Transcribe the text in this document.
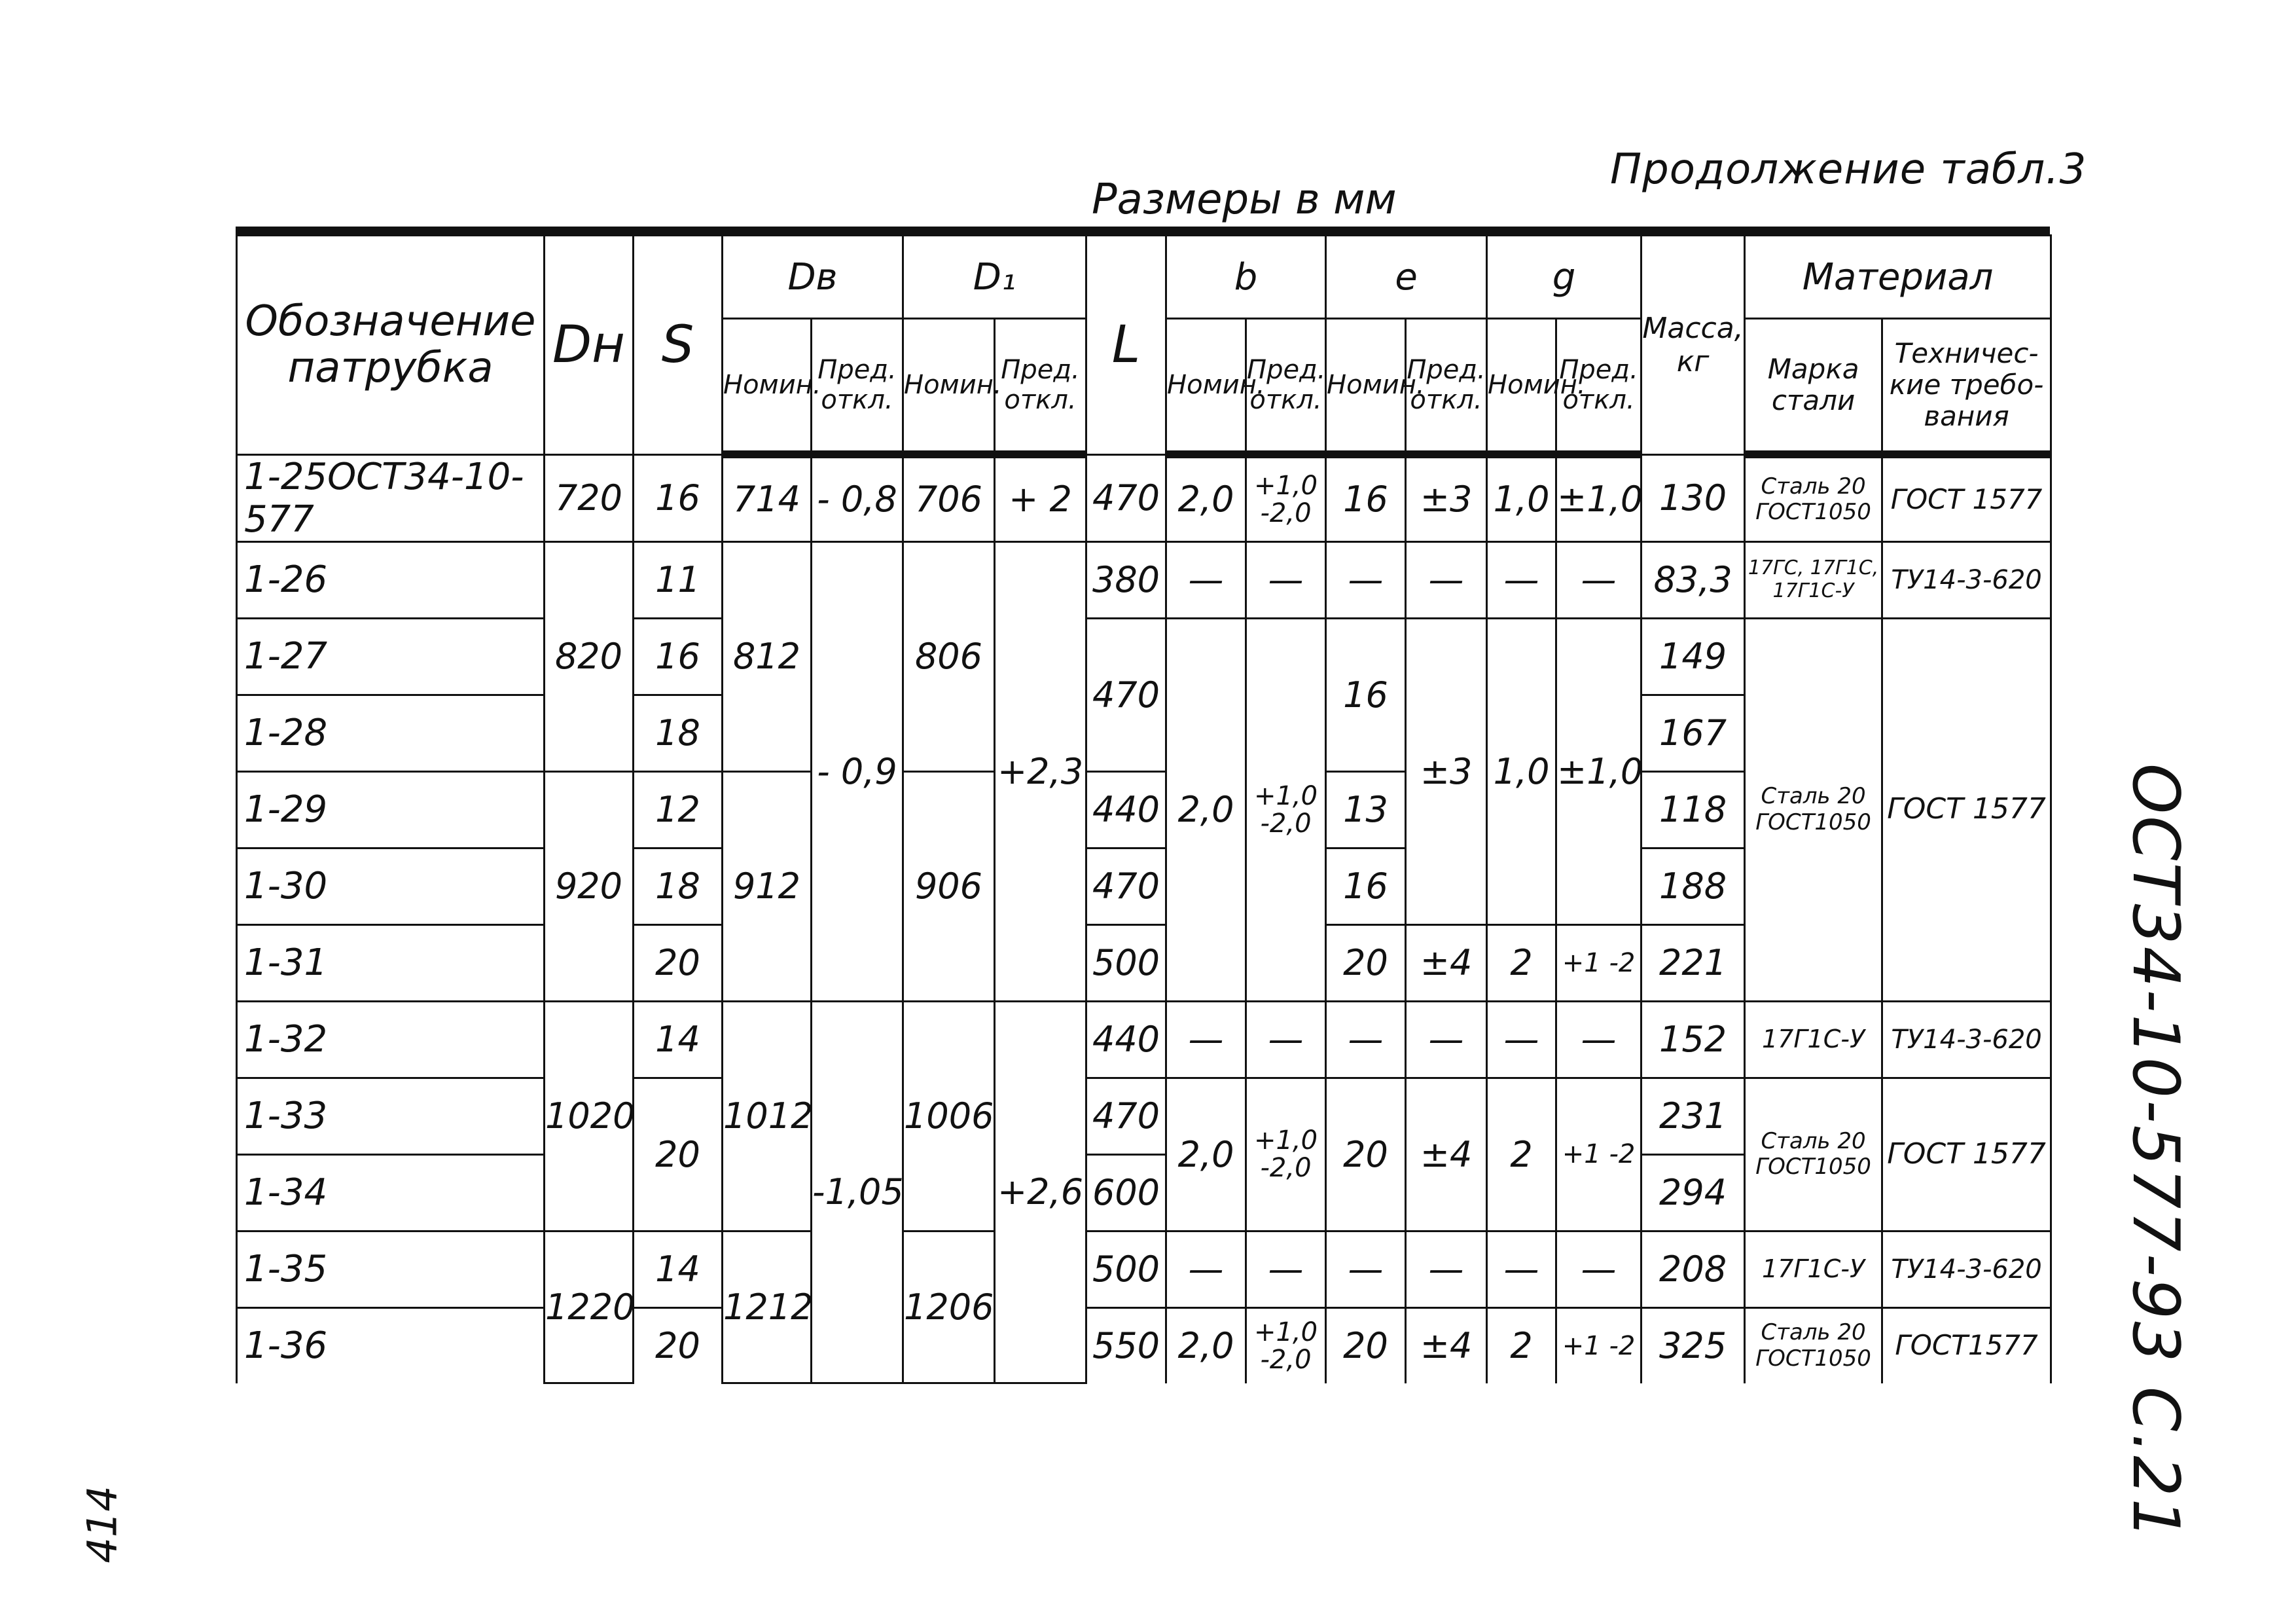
Продолжение табл.3
Размеры в мм
ОСТ34-10-577-93 С.21
414
Обозначение патрубка	Dн	S	Dв		D₁		L	b		e		g		Масса, кг	Материал	
			Номин.	Пред. откл.	Номин.	Пред. откл.		Номин.	Пред. откл.	Номин.	Пред. откл.	Номин.	Пред. откл.		Марка стали	Техничес-кие требо-вания
1-25ОСТ34-10-577	720	16	714	- 0,8	706	+ 2	470	2,0	+1,0 -2,0	16	±3	1,0	±1,0	130	Сталь 20 ГОСТ1050	ГОСТ 1577
1-26	820	11	812	- 0,9	806	+2,3	380	—	—	—	—	—	—	83,3	17ГС, 17Г1С, 17Г1С-У	ТУ14-3-620
1-27		16					470	2,0	+1,0 -2,0	16	±3	1,0	±1,0	149	Сталь 20 ГОСТ1050	ГОСТ 1577
1-28		18												167		
1-29	920	12	912		906		440			13				118		
1-30		18					470			16				188		
1-31		20					500			20	±4	2	+1 -2	221		
1-32	1020	14	1012	-1,05	1006	+2,6	440	—	—	—	—	—	—	152	17Г1С-У	ТУ14-3-620
1-33		20					470	2,0	+1,0 -2,0	20	±4	2	+1 -2	231	Сталь 20 ГОСТ1050	ГОСТ 1577
1-34							600							294		
1-35	1220	14	1212		1206		500	—	—	—	—	—	—	208	17Г1С-У	ТУ14-3-620
1-36		20					550	2,0	+1,0 -2,0	20	±4	2	+1 -2	325	Сталь 20 ГОСТ1050	ГОСТ1577
